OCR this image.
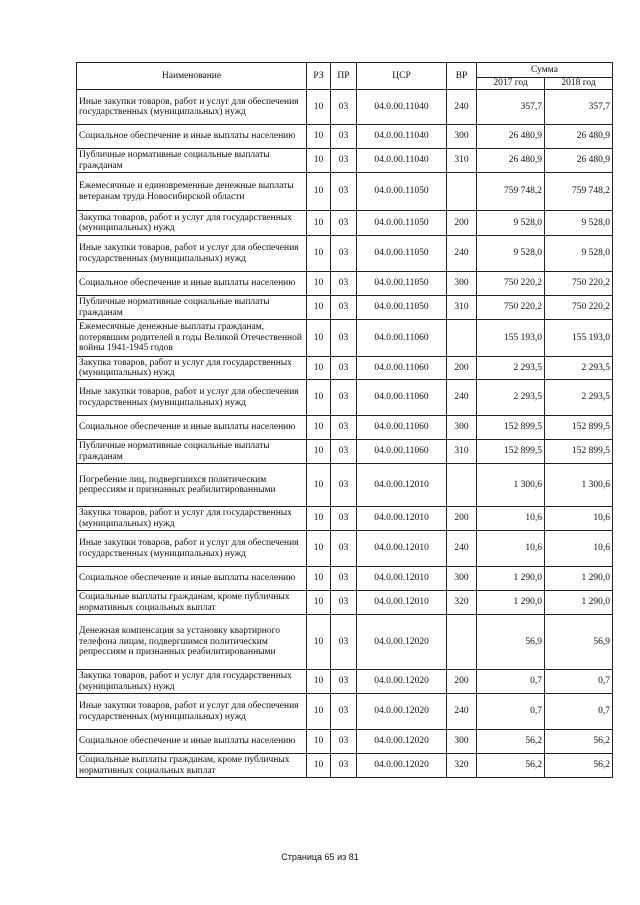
Наименование	РЗ	ПР	ЦСР	ВР	Сумма	
					2017 год	2018 год
Иные закупки товаров, работ и услуг для обеспечения государственных (муниципальных) нужд	10	03	04.0.00.11040	240	357,7	357,7
Социальное обеспечение и иные выплаты населению	10	03	04.0.00.11040	300	26 480,9	26 480,9
Публичные нормативные социальные выплаты гражданам	10	03	04.0.00.11040	310	26 480,9	26 480,9
Ежемесячные и единовременные денежные выплаты ветеранам труда Новосибирской области	10	03	04.0.00.11050		759 748,2	759 748,2
Закупка товаров, работ и услуг для государственных (муниципальных) нужд	10	03	04.0.00.11050	200	9 528,0	9 528,0
Иные закупки товаров, работ и услуг для обеспечения государственных (муниципальных) нужд	10	03	04.0.00.11050	240	9 528,0	9 528,0
Социальное обеспечение и иные выплаты населению	10	03	04.0.00.11050	300	750 220,2	750 220,2
Публичные нормативные социальные выплаты гражданам	10	03	04.0.00.11050	310	750 220,2	750 220,2
Ежемесячные денежные выплаты гражданам, потерявшим родителей в годы Великой Отечественной войны 1941-1945 годов	10	03	04.0.00.11060		155 193,0	155 193,0
Закупка товаров, работ и услуг для государственных (муниципальных) нужд	10	03	04.0.00.11060	200	2 293,5	2 293,5
Иные закупки товаров, работ и услуг для обеспечения государственных (муниципальных) нужд	10	03	04.0.00.11060	240	2 293,5	2 293,5
Социальное обеспечение и иные выплаты населению	10	03	04.0.00.11060	300	152 899,5	152 899,5
Публичные нормативные социальные выплаты гражданам	10	03	04.0.00.11060	310	152 899,5	152 899,5
Погребение лиц, подвергшихся политическим репрессиям и признанных реабилитированными	10	03	04.0.00.12010		1 300,6	1 300,6
Закупка товаров, работ и услуг для государственных (муниципальных) нужд	10	03	04.0.00.12010	200	10,6	10,6
Иные закупки товаров, работ и услуг для обеспечения государственных (муниципальных) нужд	10	03	04.0.00.12010	240	10,6	10,6
Социальное обеспечение и иные выплаты населению	10	03	04.0.00.12010	300	1 290,0	1 290,0
Социальные выплаты гражданам, кроме публичных нормативных социальных выплат	10	03	04.0.00.12010	320	1 290,0	1 290,0
Денежная компенсация за установку квартирного телефона лицам, подвергшимся политическим репрессиям и признанных реабилитированными	10	03	04.0.00.12020		56,9	56,9
Закупка товаров, работ и услуг для государственных (муниципальных) нужд	10	03	04.0.00.12020	200	0,7	0,7
Иные закупки товаров, работ и услуг для обеспечения государственных (муниципальных) нужд	10	03	04.0.00.12020	240	0,7	0,7
Социальное обеспечение и иные выплаты населению	10	03	04.0.00.12020	300	56,2	56,2
Социальные выплаты гражданам, кроме публичных нормативных социальных выплат	10	03	04.0.00.12020	320	56,2	56,2
Страница 65 из 81
